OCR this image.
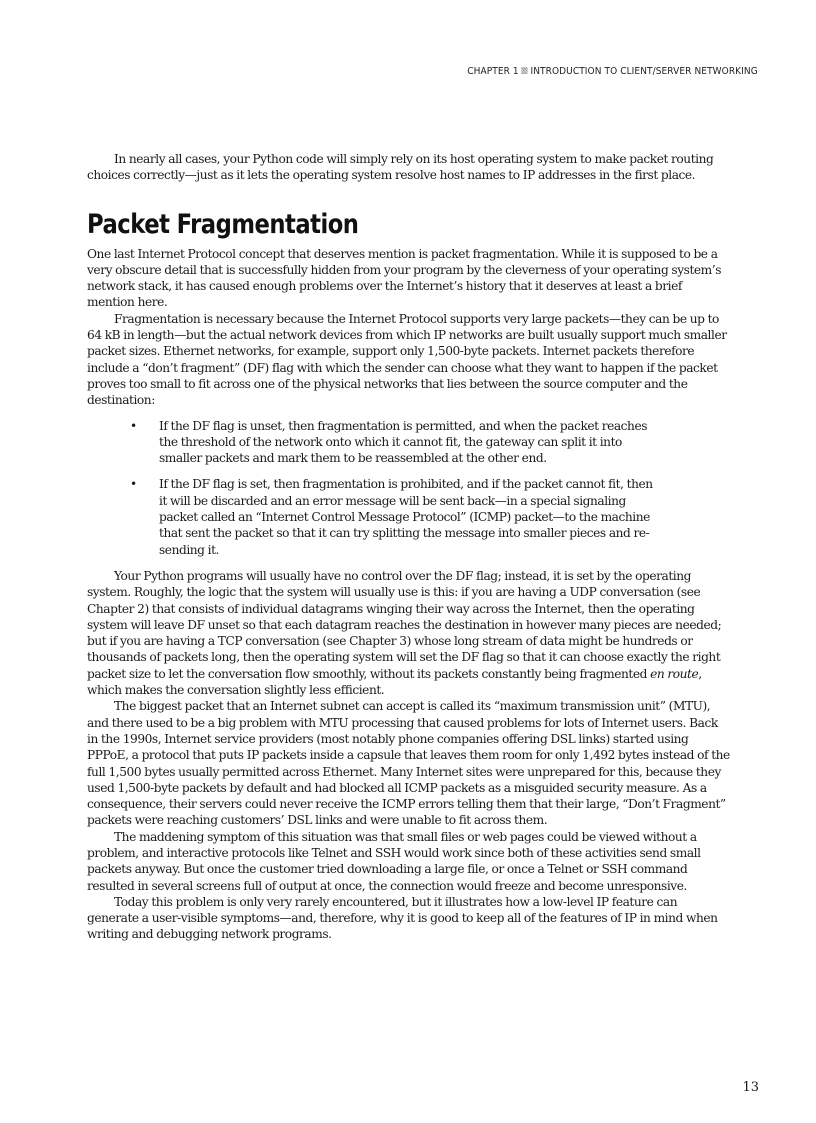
CHAPTER 1 INTRODUCTION TO CLIENT/SERVER NETWORKING

In nearly all cases, your Python code will simply rely on its host operating system to make packet routing choices correctly—just as it lets the operating system resolve host names to IP addresses in the first place.

Packet Fragmentation

One last Internet Protocol concept that deserves mention is packet fragmentation. While it is supposed to be a very obscure detail that is successfully hidden from your program by the cleverness of your operating system’s network stack, it has caused enough problems over the Internet’s history that it deserves at least a brief mention here.

Fragmentation is necessary because the Internet Protocol supports very large packets—they can be up to 64 kB in length—but the actual network devices from which IP networks are built usually support much smaller packet sizes. Ethernet networks, for example, support only 1,500-byte packets. Internet packets therefore include a “don’t fragment” (DF) flag with which the sender can choose what they want to happen if the packet proves too small to fit across one of the physical networks that lies between the source computer and the destination:

• If the DF flag is unset, then fragmentation is permitted, and when the packet reaches the threshold of the network onto which it cannot fit, the gateway can split it into smaller packets and mark them to be reassembled at the other end.
• If the DF flag is set, then fragmentation is prohibited, and if the packet cannot fit, then it will be discarded and an error message will be sent back—in a special signaling packet called an “Internet Control Message Protocol” (ICMP) packet—to the machine that sent the packet so that it can try splitting the message into smaller pieces and re-sending it.

Your Python programs will usually have no control over the DF flag; instead, it is set by the operating system. Roughly, the logic that the system will usually use is this: if you are having a UDP conversation (see Chapter 2) that consists of individual datagrams winging their way across the Internet, then the operating system will leave DF unset so that each datagram reaches the destination in however many pieces are needed; but if you are having a TCP conversation (see Chapter 3) whose long stream of data might be hundreds or thousands of packets long, then the operating system will set the DF flag so that it can choose exactly the right packet size to let the conversation flow smoothly, without its packets constantly being fragmented en route, which makes the conversation slightly less efficient.

The biggest packet that an Internet subnet can accept is called its “maximum transmission unit” (MTU), and there used to be a big problem with MTU processing that caused problems for lots of Internet users. Back in the 1990s, Internet service providers (most notably phone companies offering DSL links) started using PPPoE, a protocol that puts IP packets inside a capsule that leaves them room for only 1,492 bytes instead of the full 1,500 bytes usually permitted across Ethernet. Many Internet sites were unprepared for this, because they used 1,500-byte packets by default and had blocked all ICMP packets as a misguided security measure. As a consequence, their servers could never receive the ICMP errors telling them that their large, “Don’t Fragment” packets were reaching customers’ DSL links and were unable to fit across them.

The maddening symptom of this situation was that small files or web pages could be viewed without a problem, and interactive protocols like Telnet and SSH would work since both of these activities send small packets anyway. But once the customer tried downloading a large file, or once a Telnet or SSH command resulted in several screens full of output at once, the connection would freeze and become unresponsive.

Today this problem is only very rarely encountered, but it illustrates how a low-level IP feature can generate a user-visible symptoms—and, therefore, why it is good to keep all of the features of IP in mind when writing and debugging network programs.

13
